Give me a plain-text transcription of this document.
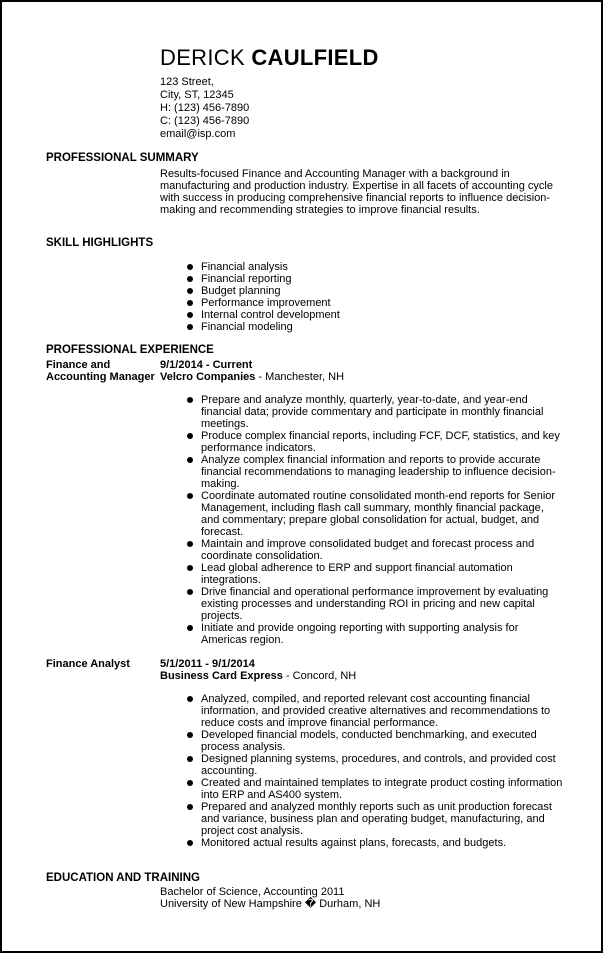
DERICK CAULFIELD
123 Street,
City, ST, 12345
H: (123) 456-7890
C: (123) 456-7890
email@isp.com
PROFESSIONAL SUMMARY
Results-focused Finance and Accounting Manager with a background in manufacturing and production industry. Expertise in all facets of accounting cycle with success in producing comprehensive financial reports to influence decision-making and recommending strategies to improve financial results.
SKILL HIGHLIGHTS
Financial analysis
Financial reporting
Budget planning
Performance improvement
Internal control development
Financial modeling
PROFESSIONAL EXPERIENCE
Finance and Accounting Manager
9/1/2014 - Current
Velcro Companies - Manchester, NH
Prepare and analyze monthly, quarterly, year-to-date, and year-end financial data; provide commentary and participate in monthly financial meetings.
Produce complex financial reports, including FCF, DCF, statistics, and key performance indicators.
Analyze complex financial information and reports to provide accurate financial recommendations to managing leadership to influence decision-making.
Coordinate automated routine consolidated month-end reports for Senior Management, including flash call summary, monthly financial package, and commentary; prepare global consolidation for actual, budget, and forecast.
Maintain and improve consolidated budget and forecast process and coordinate consolidation.
Lead global adherence to ERP and support financial automation integrations.
Drive financial and operational performance improvement by evaluating existing processes and understanding ROI in pricing and new capital projects.
Initiate and provide ongoing reporting with supporting analysis for Americas region.
Finance Analyst	5/1/2011 - 9/1/2014
Business Card Express - Concord, NH
Analyzed, compiled, and reported relevant cost accounting financial information, and provided creative alternatives and recommendations to reduce costs and improve financial performance.
Developed financial models, conducted benchmarking, and executed process analysis.
Designed planning systems, procedures, and controls, and provided cost accounting.
Created and maintained templates to integrate product costing information into ERP and AS400 system.
Prepared and analyzed monthly reports such as unit production forecast and variance, business plan and operating budget, manufacturing, and project cost analysis.
Monitored actual results against plans, forecasts, and budgets.
EDUCATION AND TRAINING
Bachelor of Science, Accounting 2011
University of New Hampshire � Durham, NH
